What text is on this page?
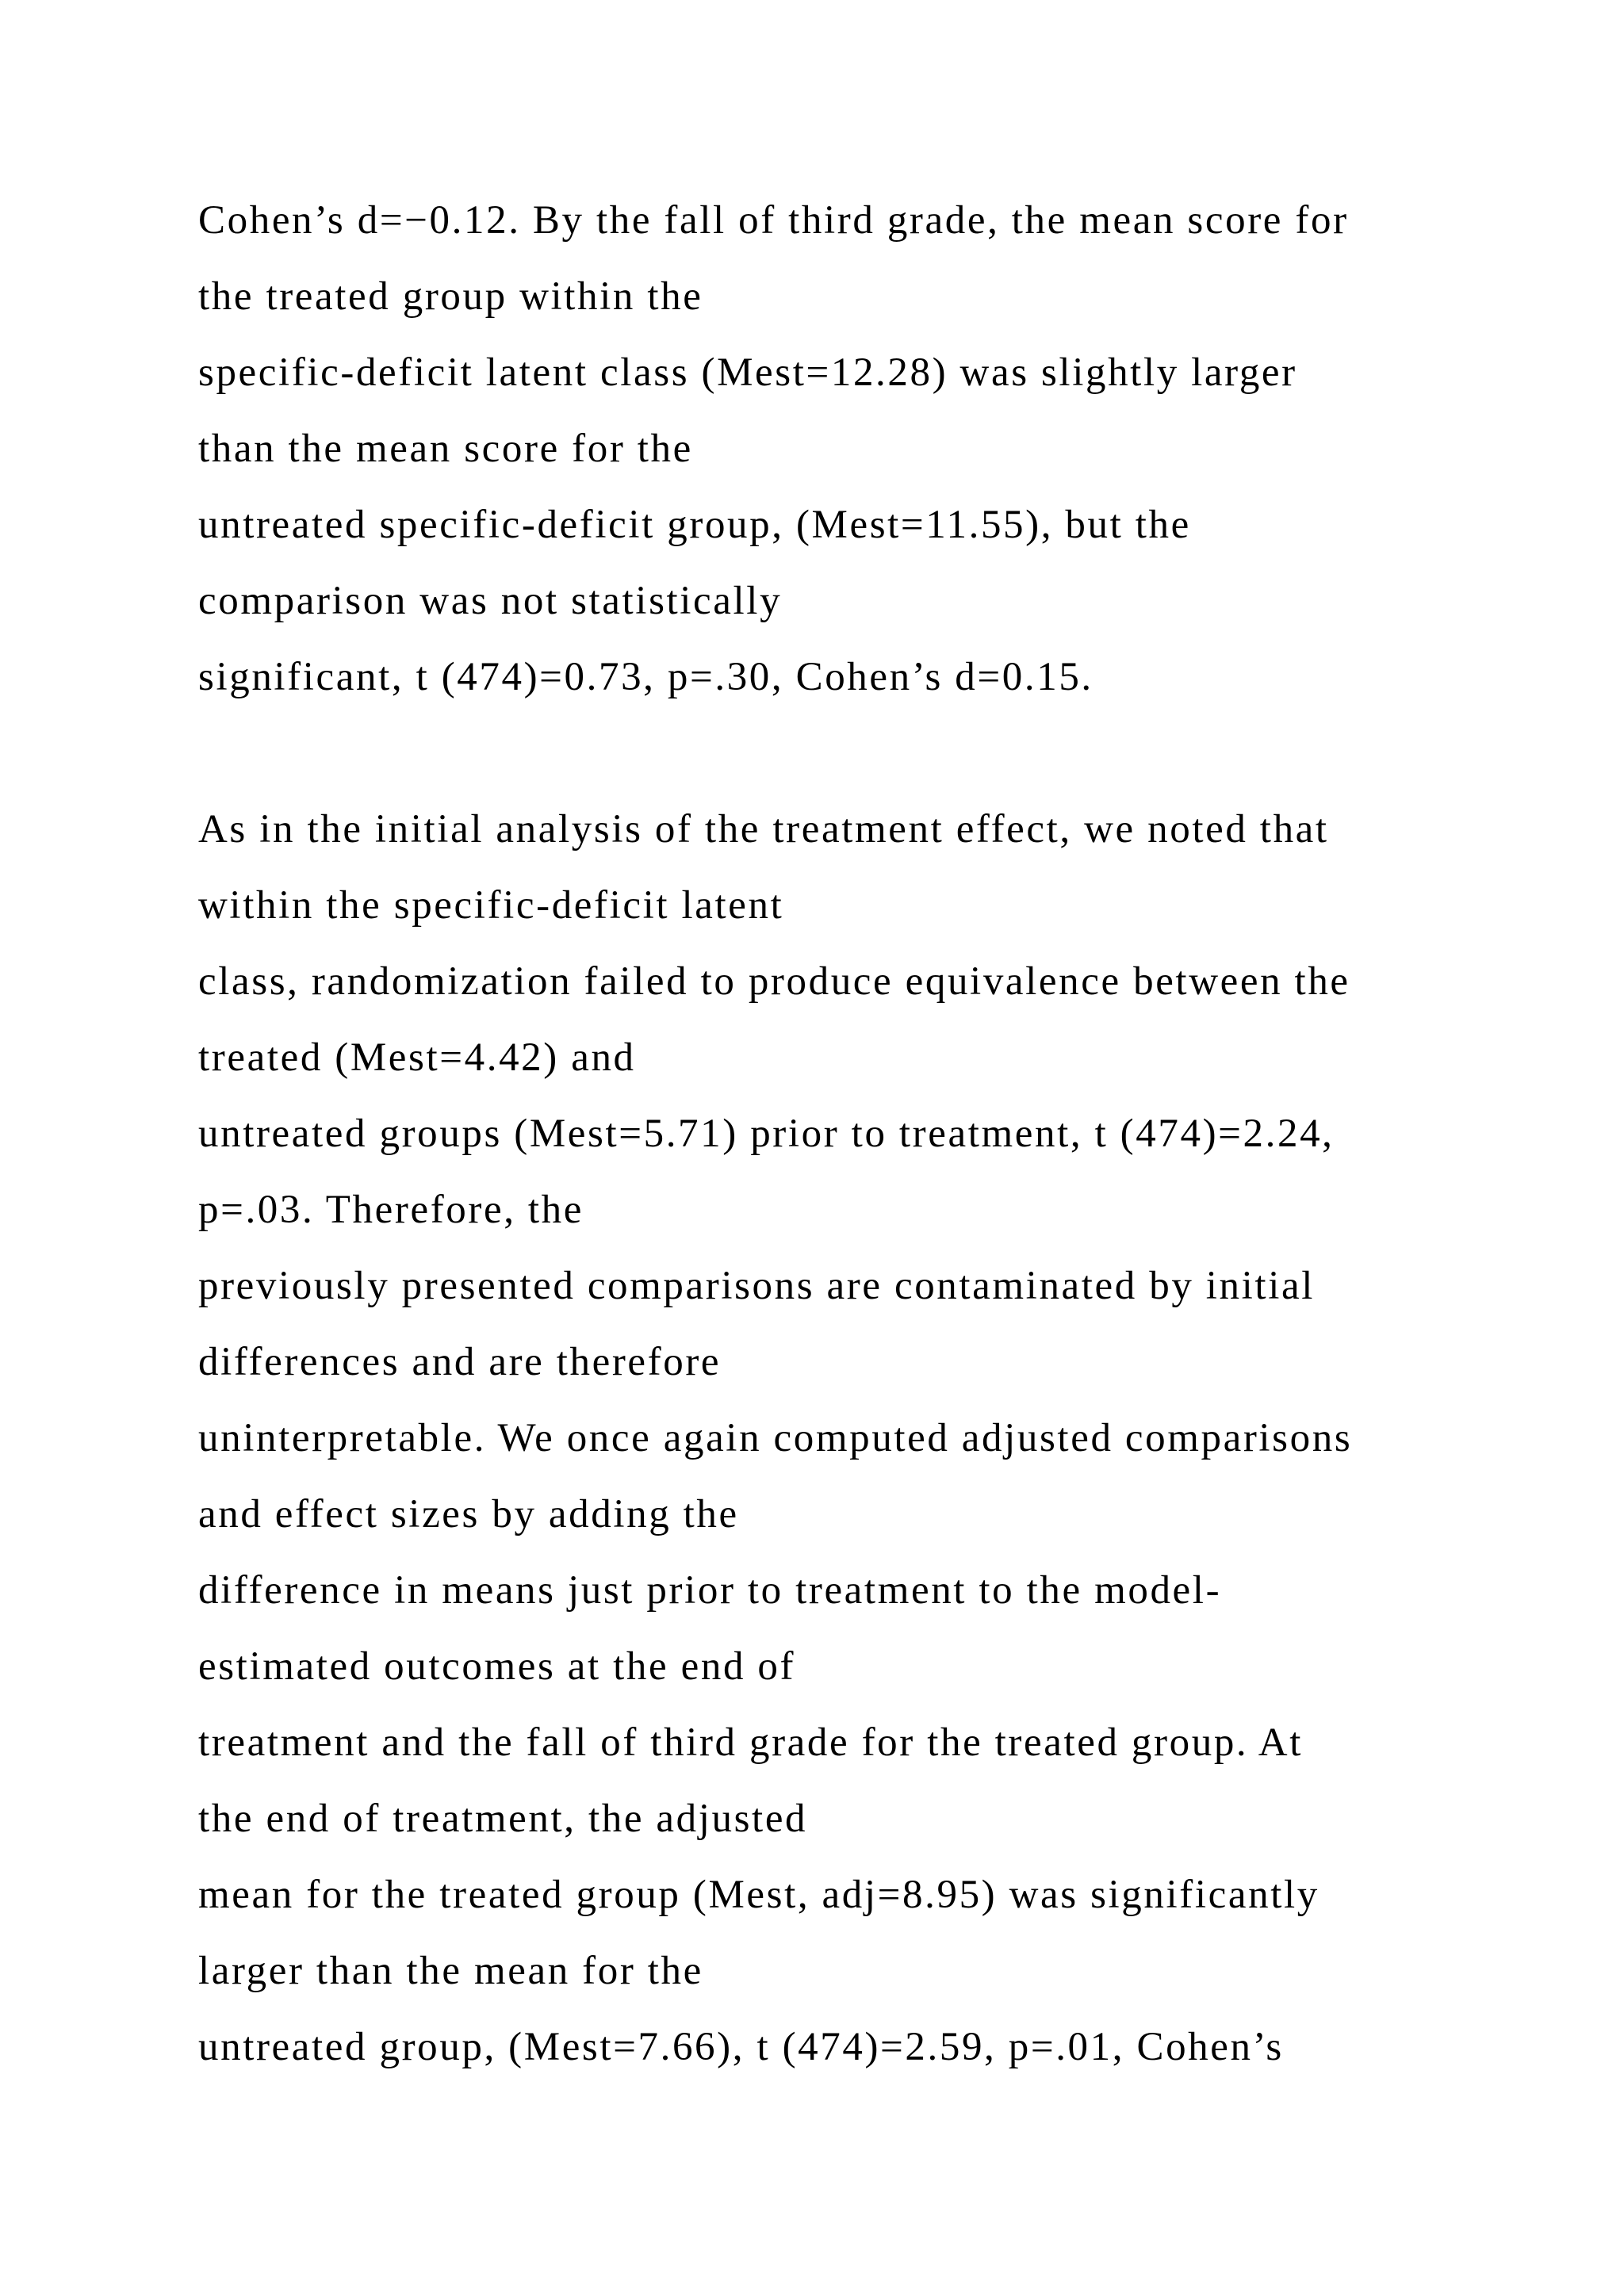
Cohen’s d=−0.12. By the fall of third grade, the mean score for
the treated group within the
specific-deficit latent class (Mest=12.28) was slightly larger
than the mean score for the
untreated specific-deficit group, (Mest=11.55), but the
comparison was not statistically
significant, t (474)=0.73, p=.30, Cohen’s d=0.15.
As in the initial analysis of the treatment effect, we noted that
within the specific-deficit latent
class, randomization failed to produce equivalence between the
treated (Mest=4.42) and
untreated groups (Mest=5.71) prior to treatment, t (474)=2.24,
p=.03. Therefore, the
previously presented comparisons are contaminated by initial
differences and are therefore
uninterpretable. We once again computed adjusted comparisons
and effect sizes by adding the
difference in means just prior to treatment to the model-
estimated outcomes at the end of
treatment and the fall of third grade for the treated group. At
the end of treatment, the adjusted
mean for the treated group (Mest, adj=8.95) was significantly
larger than the mean for the
untreated group, (Mest=7.66), t (474)=2.59, p=.01, Cohen’s
